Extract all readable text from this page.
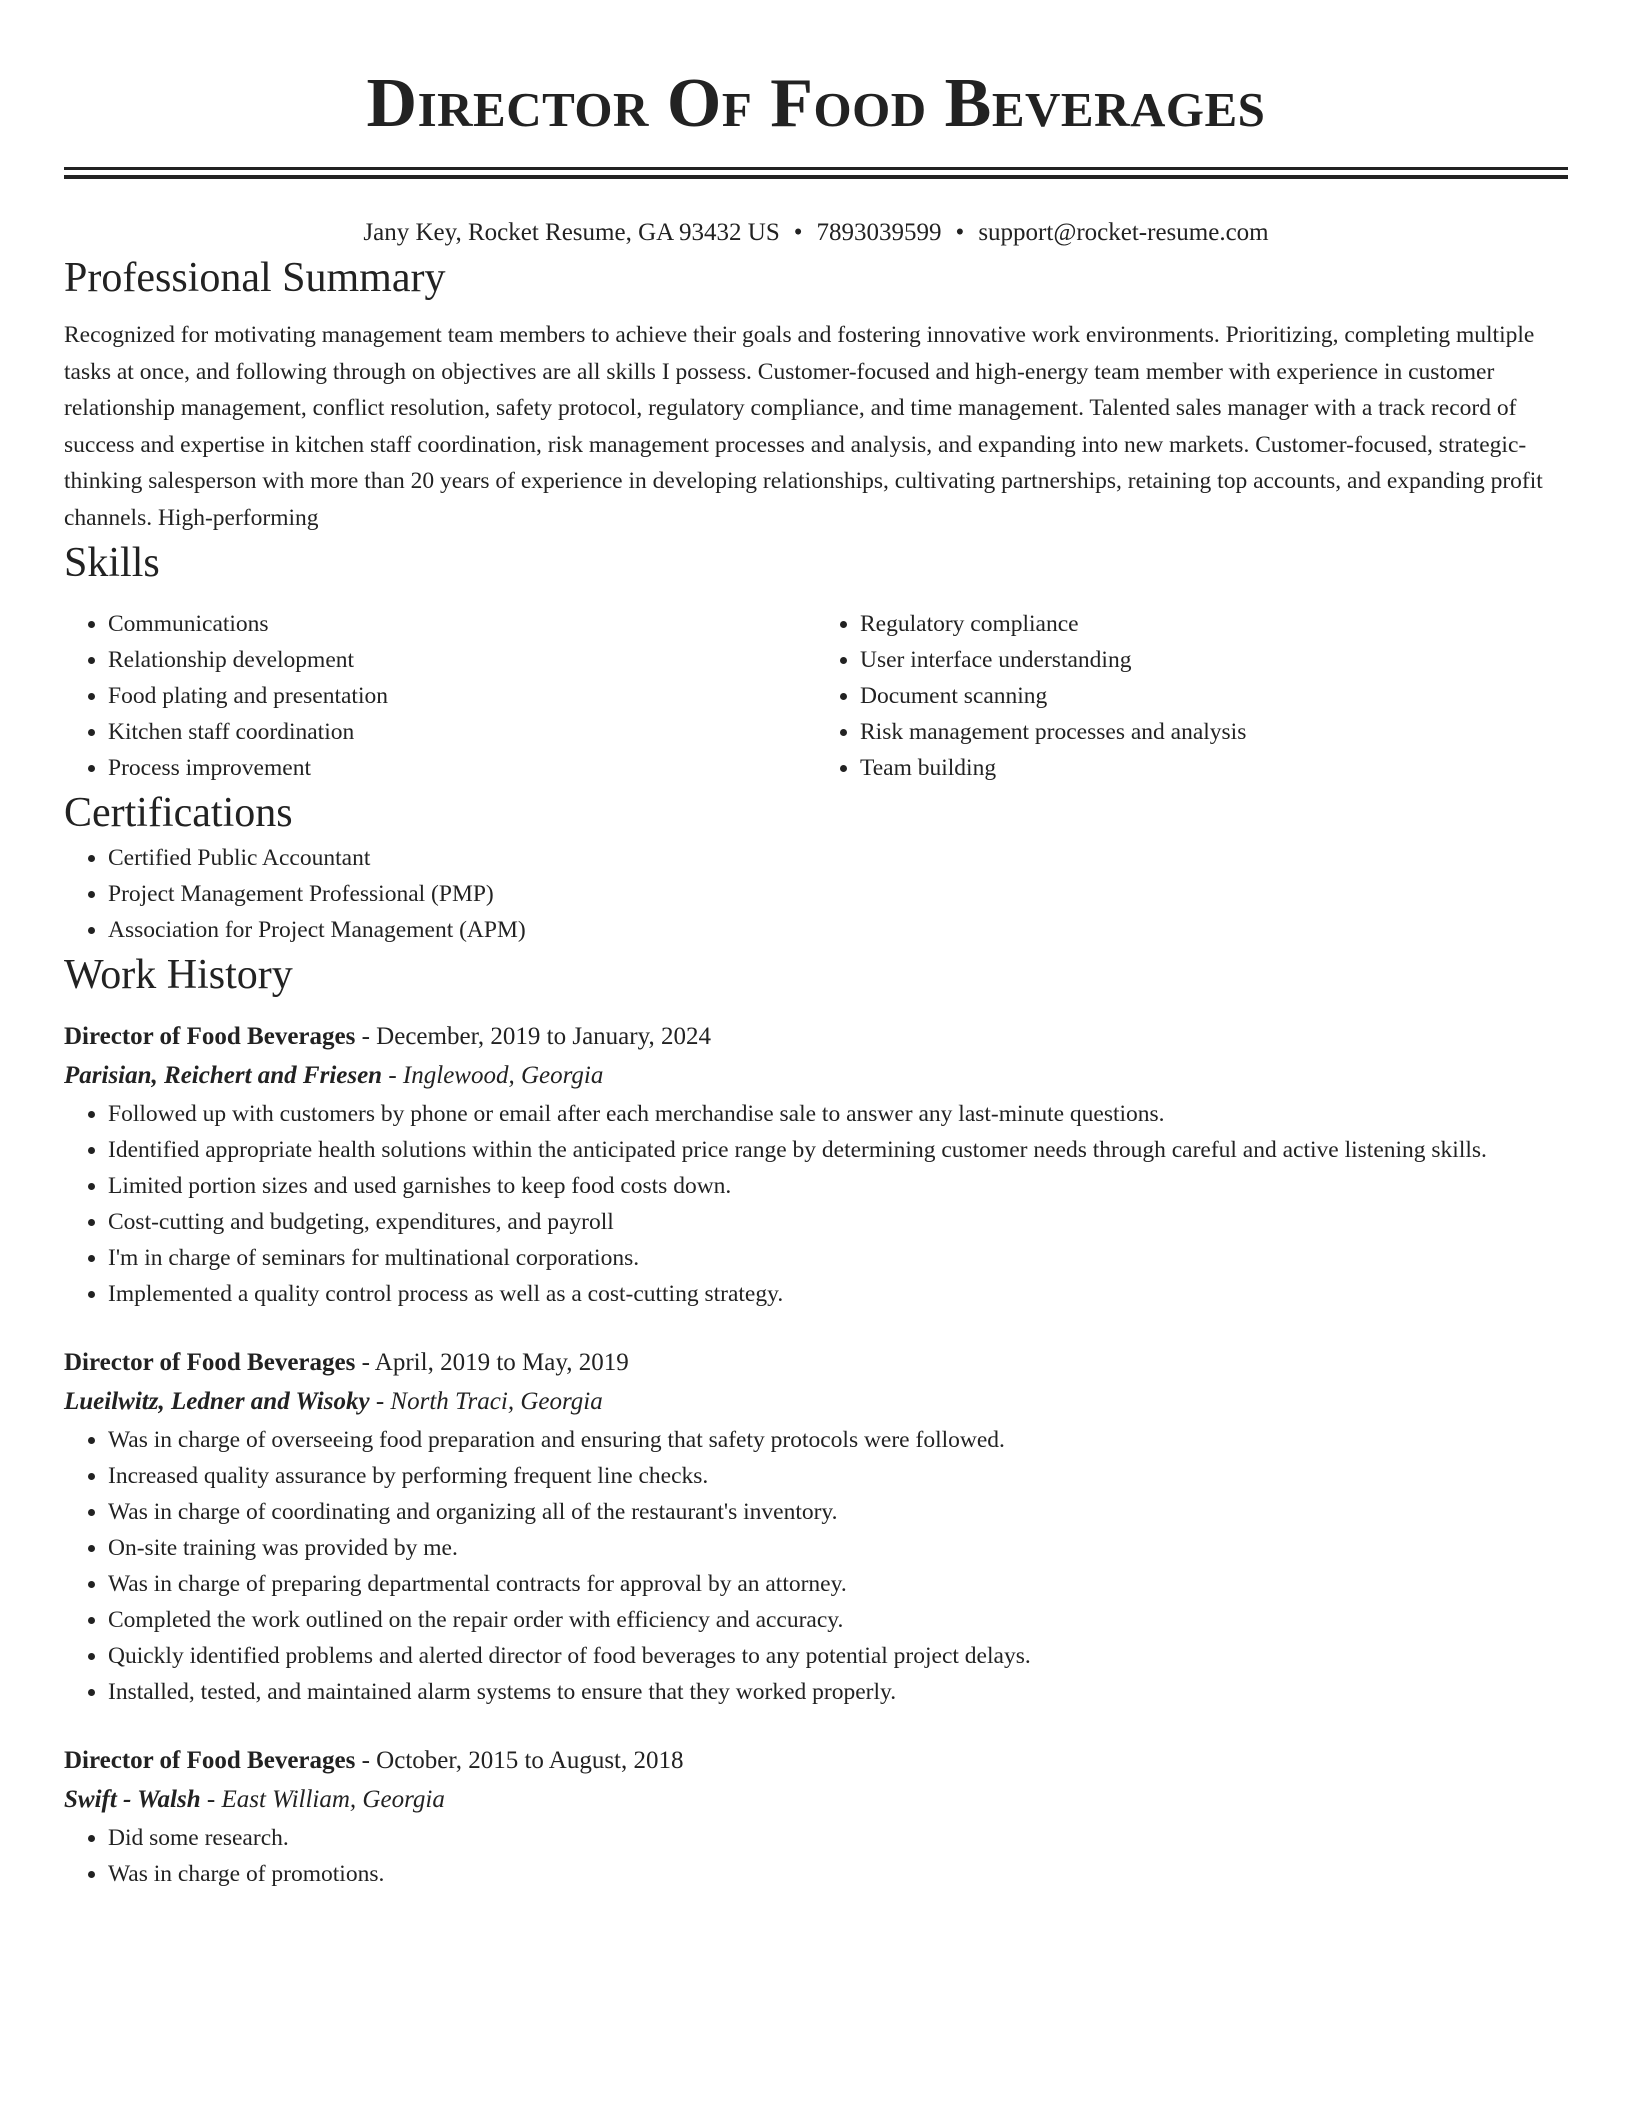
Director Of Food Beverages
Jany Key, Rocket Resume, GA 93432 US • 7893039599 • support@rocket-resume.com
Professional Summary

Recognized for motivating management team members to achieve their goals and fostering innovative work environments. Prioritizing, completing multiple tasks at once, and following through on objectives are all skills I possess. Customer-focused and high-energy team member with experience in customer relationship management, conflict resolution, safety protocol, regulatory compliance, and time management. Talented sales manager with a track record of success and expertise in kitchen staff coordination, risk management processes and analysis, and expanding into new markets. Customer-focused, strategic-thinking salesperson with more than 20 years of experience in developing relationships, cultivating partnerships, retaining top accounts, and expanding profit channels. High-performing

Skills
• Communications
• Relationship development
• Food plating and presentation
• Kitchen staff coordination
• Process improvement
• Regulatory compliance
• User interface understanding
• Document scanning
• Risk management processes and analysis
• Team building
Certifications
• Certified Public Accountant
• Project Management Professional (PMP)
• Association for Project Management (APM)
Work History
Director of Food Beverages - December, 2019 to January, 2024
Parisian, Reichert and Friesen - Inglewood, Georgia
• Followed up with customers by phone or email after each merchandise sale to answer any last-minute questions.
• Identified appropriate health solutions within the anticipated price range by determining customer needs through careful and active listening skills.
• Limited portion sizes and used garnishes to keep food costs down.
• Cost-cutting and budgeting, expenditures, and payroll
• I'm in charge of seminars for multinational corporations.
• Implemented a quality control process as well as a cost-cutting strategy.
Director of Food Beverages - April, 2019 to May, 2019
Lueilwitz, Ledner and Wisoky - North Traci, Georgia
• Was in charge of overseeing food preparation and ensuring that safety protocols were followed.
• Increased quality assurance by performing frequent line checks.
• Was in charge of coordinating and organizing all of the restaurant's inventory.
• On-site training was provided by me.
• Was in charge of preparing departmental contracts for approval by an attorney.
• Completed the work outlined on the repair order with efficiency and accuracy.
• Quickly identified problems and alerted director of food beverages to any potential project delays.
• Installed, tested, and maintained alarm systems to ensure that they worked properly.
Director of Food Beverages - October, 2015 to August, 2018
Swift - Walsh - East William, Georgia
• Did some research.
• Was in charge of promotions.
